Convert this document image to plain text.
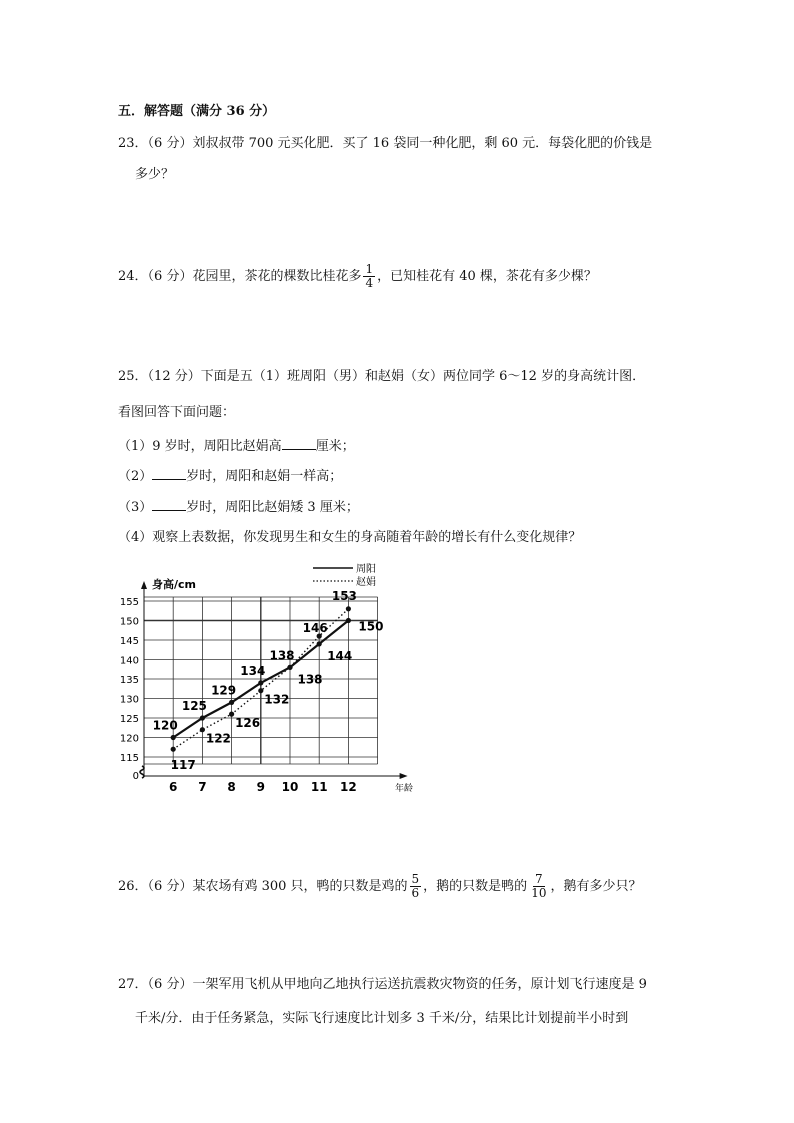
五．解答题（满分 36 分）
23．（6 分）刘叔叔带 700 元买化肥．买了 16 袋同一种化肥，剩 60 元．每袋化肥的价钱是
多少？
24．（6 分）花园里，茶花的棵数比桂花多 $\frac{1}{4}$ ，已知桂花有 40 棵，茶花有多少棵？
25．（12 分）下面是五（1）班周阳（男）和赵娟（女）两位同学 6～12 岁的身高统计图．
看图回答下面问题：
（1）9 岁时，周阳比赵娟高	厘米；
（2）	岁时，周阳和赵娟一样高；
（3）	岁时，周阳比赵娟矮 3 厘米；
（4）观察上表数据，你发现男生和女生的身高随着年龄的增长有什么变化规律？
0
115
120
125
130
135
140
145
150
155
6 7 8 9 10 11 12
120
125
129
134
138	144
150
117
122
126
132
138
146
153
周阳
赵娟
身高/cm
年龄
26．（6 分）某农场有鸡 300 只，鸭的只数是鸡的 $\frac{5}{6}$ ，鹅的只数是鸭的 $\frac{7}{10}$ ，鹅有多少只？
27．（6 分）一架军用飞机从甲地向乙地执行运送抗震救灾物资的任务，原计划飞行速度是 9
千米/分．由于任务紧急，实际飞行速度比计划多 3 千米/分，结果比计划提前半小时到
